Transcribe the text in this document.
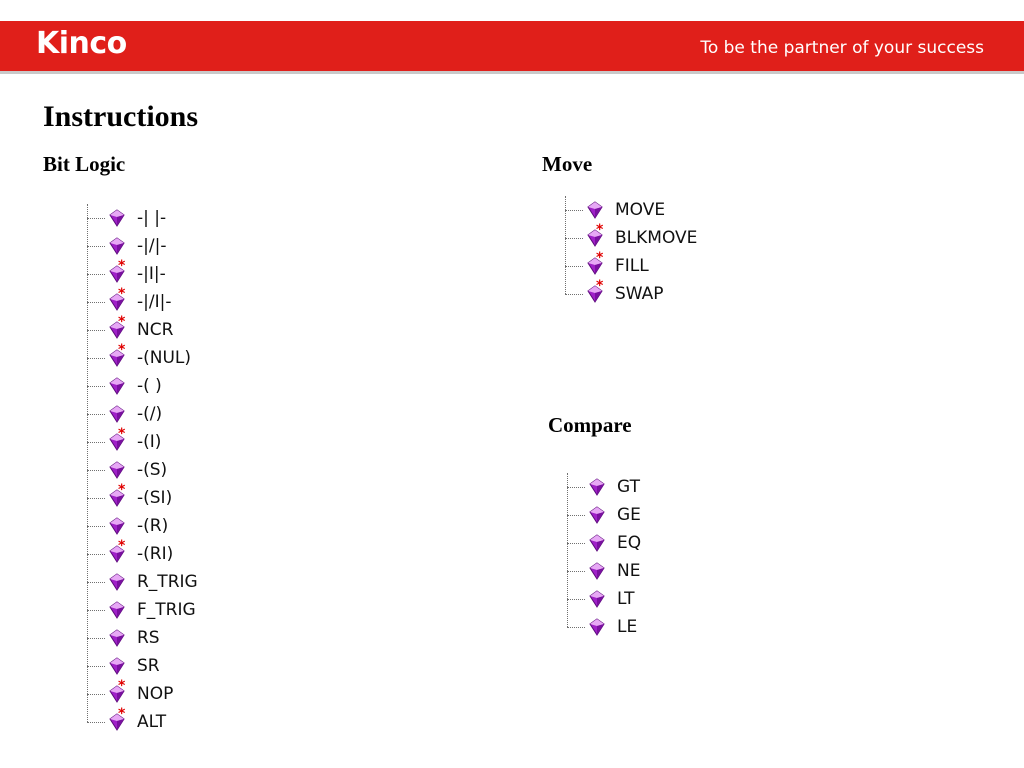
Kinco	To be the partner of your success
Instructions
Bit Logic	Move
Compare
-| |-
-|/|-
* -|I|-
* -|/I|-
* NCR
* -(NUL)
-( )
-(/)
* -(I)
-(S)
* -(SI)
-(R)
* -(RI)
R_TRIG
F_TRIG
RS
SR
* NOP
* ALT
MOVE
* BLKMOVE
* FILL
* SWAP
GT
GE
EQ
NE
LT
LE
